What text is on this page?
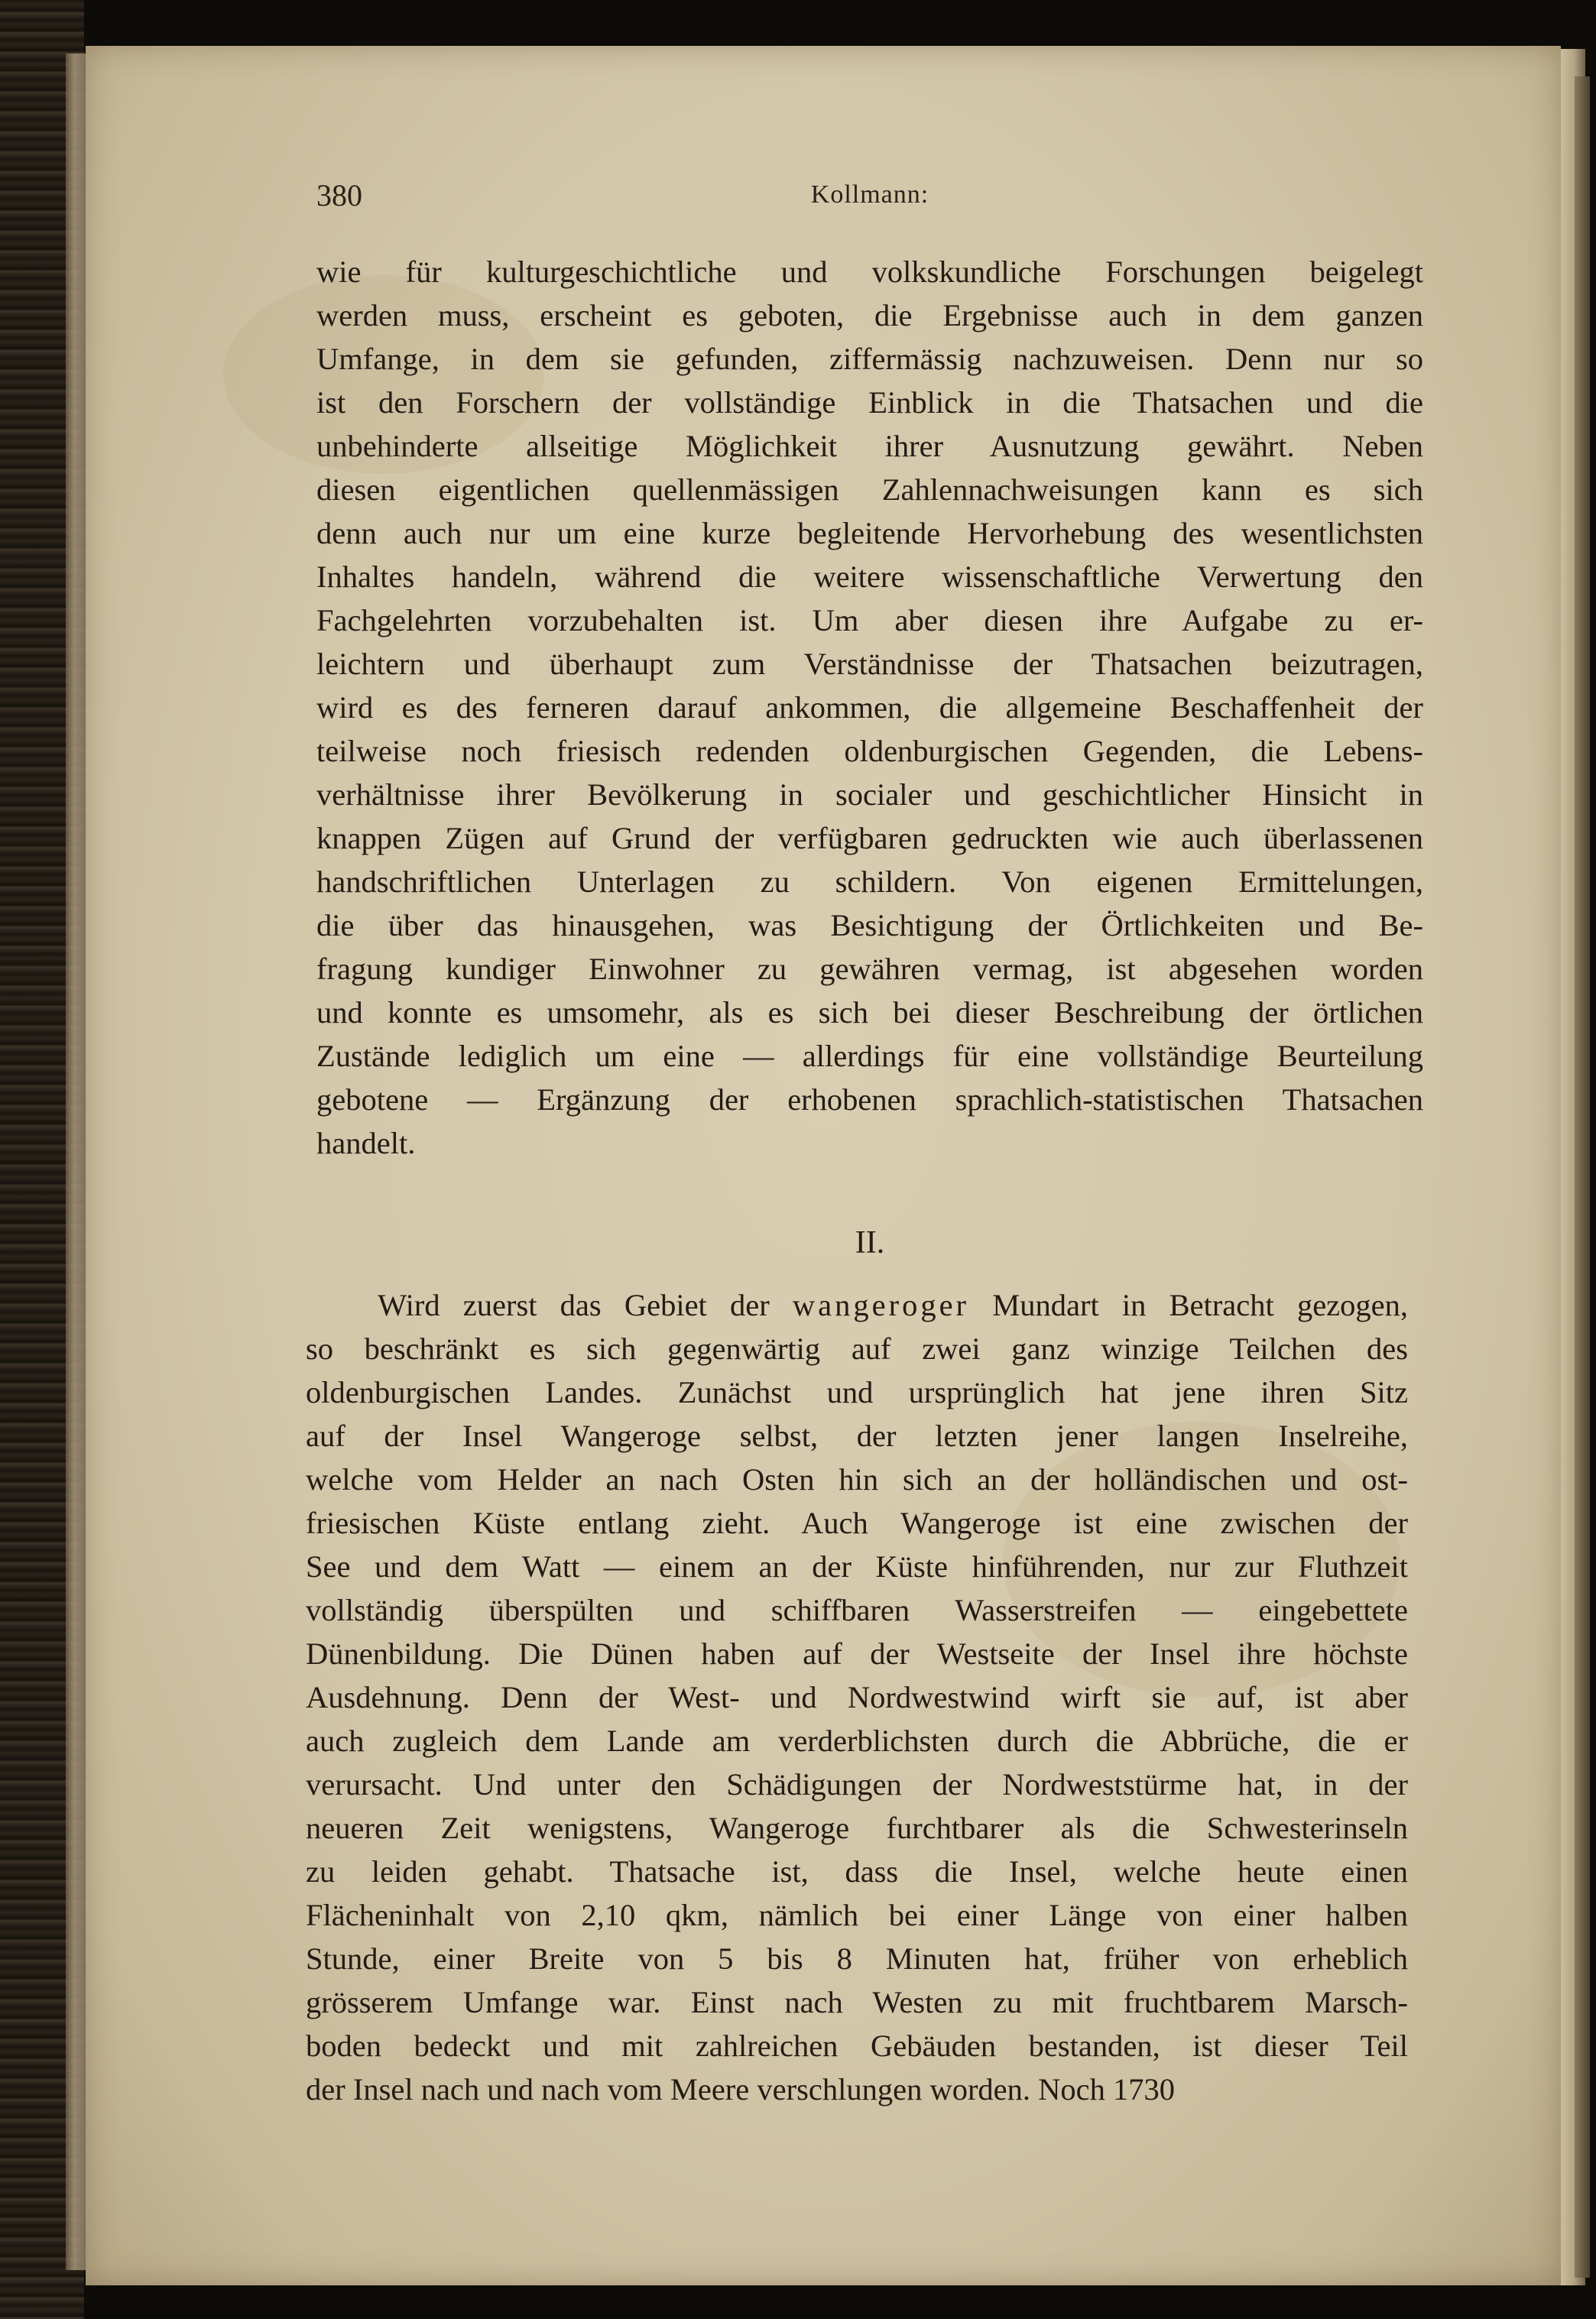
380	Kollmann:
wie für kulturgeschichtliche und volkskundliche Forschungen beigelegt
werden muss, erscheint es geboten, die Ergebnisse auch in dem ganzen
Umfange, in dem sie gefunden, ziffermässig nachzuweisen. Denn nur so
ist den Forschern der vollständige Einblick in die Thatsachen und die
unbehinderte allseitige Möglichkeit ihrer Ausnutzung gewährt. Neben
diesen eigentlichen quellenmässigen Zahlennachweisungen kann es sich
denn auch nur um eine kurze begleitende Hervorhebung des wesentlichsten
Inhaltes handeln, während die weitere wissenschaftliche Verwertung den
Fachgelehrten vorzubehalten ist. Um aber diesen ihre Aufgabe zu er-
leichtern und überhaupt zum Verständnisse der Thatsachen beizutragen,
wird es des ferneren darauf ankommen, die allgemeine Beschaffenheit der
teilweise noch friesisch redenden oldenburgischen Gegenden, die Lebens-
verhältnisse ihrer Bevölkerung in socialer und geschichtlicher Hinsicht in
knappen Zügen auf Grund der verfügbaren gedruckten wie auch überlassenen
handschriftlichen Unterlagen zu schildern. Von eigenen Ermittelungen,
die über das hinausgehen, was Besichtigung der Örtlichkeiten und Be-
fragung kundiger Einwohner zu gewähren vermag, ist abgesehen worden
und konnte es umsomehr, als es sich bei dieser Beschreibung der örtlichen
Zustände lediglich um eine — allerdings für eine vollständige Beurteilung
gebotene — Ergänzung der erhobenen sprachlich-statistischen Thatsachen
handelt.
II.
Wird zuerst das Gebiet der wangeroger Mundart in Betracht gezogen,
so beschränkt es sich gegenwärtig auf zwei ganz winzige Teilchen des
oldenburgischen Landes. Zunächst und ursprünglich hat jene ihren Sitz
auf der Insel Wangeroge selbst, der letzten jener langen Inselreihe,
welche vom Helder an nach Osten hin sich an der holländischen und ost-
friesischen Küste entlang zieht. Auch Wangeroge ist eine zwischen der
See und dem Watt — einem an der Küste hinführenden, nur zur Fluthzeit
vollständig überspülten und schiffbaren Wasserstreifen — eingebettete
Dünenbildung. Die Dünen haben auf der Westseite der Insel ihre höchste
Ausdehnung. Denn der West- und Nordwestwind wirft sie auf, ist aber
auch zugleich dem Lande am verderblichsten durch die Abbrüche, die er
verursacht. Und unter den Schädigungen der Nordweststürme hat, in der
neueren Zeit wenigstens, Wangeroge furchtbarer als die Schwesterinseln
zu leiden gehabt. Thatsache ist, dass die Insel, welche heute einen
Flächeninhalt von 2,10 qkm, nämlich bei einer Länge von einer halben
Stunde, einer Breite von 5 bis 8 Minuten hat, früher von erheblich
grösserem Umfange war. Einst nach Westen zu mit fruchtbarem Marsch-
boden bedeckt und mit zahlreichen Gebäuden bestanden, ist dieser Teil
der Insel nach und nach vom Meere verschlungen worden. Noch 1730
